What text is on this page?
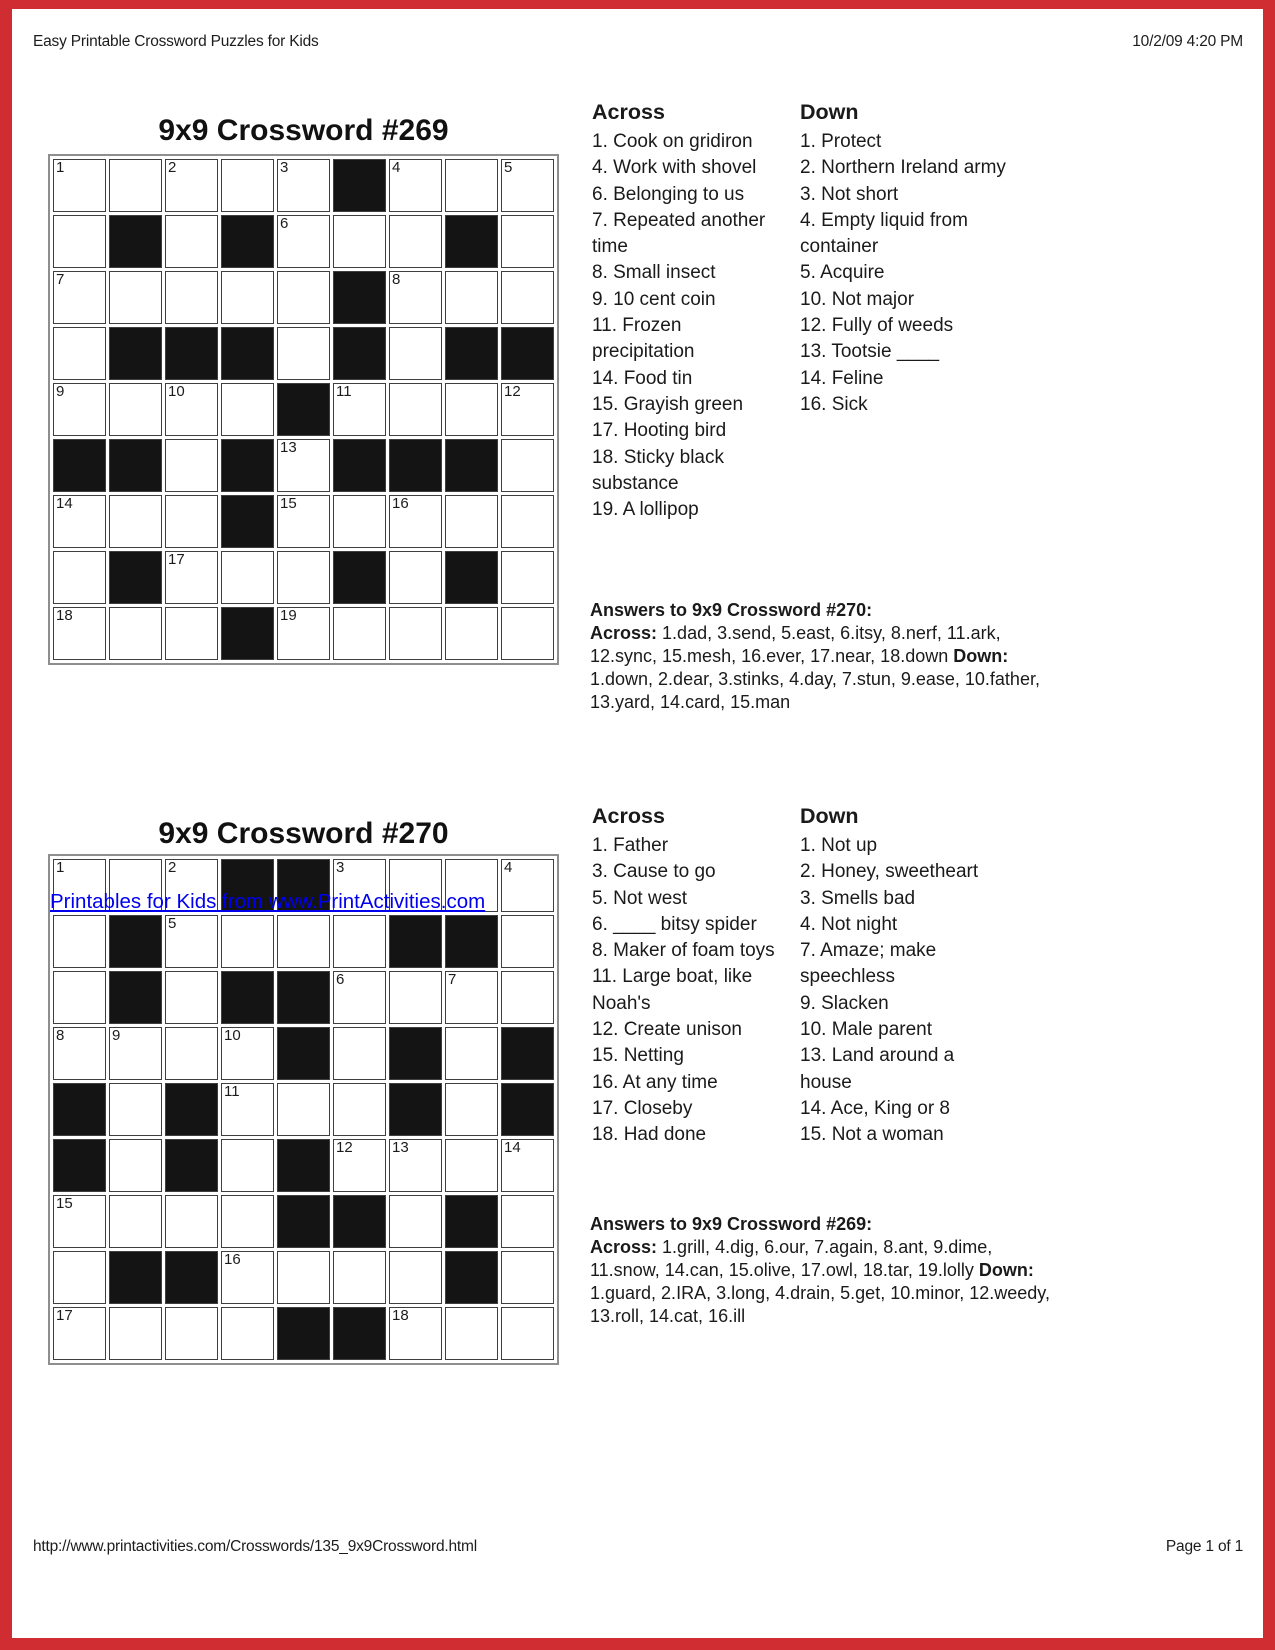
Easy Printable Crossword Puzzles for Kids	10/2/09 4:20 PM
9x9 Crossword #269
1	2	3	4	5
6
7	8
9	10	11	12
13
14	15	16
17
18	19
Across
1. Cook on gridiron
4. Work with shovel
6. Belonging to us
7. Repeated another time
8. Small insect
9. 10 cent coin
11. Frozen precipitation
14. Food tin
15. Grayish green
17. Hooting bird
18. Sticky black substance
19. A lollipop
Down
1. Protect
2. Northern Ireland army
3. Not short
4. Empty liquid from container
5. Acquire
10. Not major
12. Fully of weeds
13. Tootsie ____
14. Feline
16. Sick
Answers to 9x9 Crossword #270:
Across: 1.dad, 3.send, 5.east, 6.itsy, 8.nerf, 11.ark, 12.sync, 15.mesh, 16.ever, 17.near, 18.down Down: 1.down, 2.dear, 3.stinks, 4.day, 7.stun, 9.ease, 10.father, 13.yard, 14.card, 15.man
9x9 Crossword #270
1	2	3	4
5
6	7
8	9	10
11
12	13	14
15
16
17	18
Printables for Kids from www.PrintActivities.com
Across
1. Father
3. Cause to go
5. Not west
6. ____ bitsy spider
8. Maker of foam toys
11. Large boat, like Noah's
12. Create unison
15. Netting
16. At any time
17. Closeby
18. Had done
Down
1. Not up
2. Honey, sweetheart
3. Smells bad
4. Not night
7. Amaze; make speechless
9. Slacken
10. Male parent
13. Land around a house
14. Ace, King or 8
15. Not a woman
Answers to 9x9 Crossword #269:
Across: 1.grill, 4.dig, 6.our, 7.again, 8.ant, 9.dime, 11.snow, 14.can, 15.olive, 17.owl, 18.tar, 19.lolly Down: 1.guard, 2.IRA, 3.long, 4.drain, 5.get, 10.minor, 12.weedy, 13.roll, 14.cat, 16.ill
http://www.printactivities.com/Crosswords/135_9x9Crossword.html	Page 1 of 1
